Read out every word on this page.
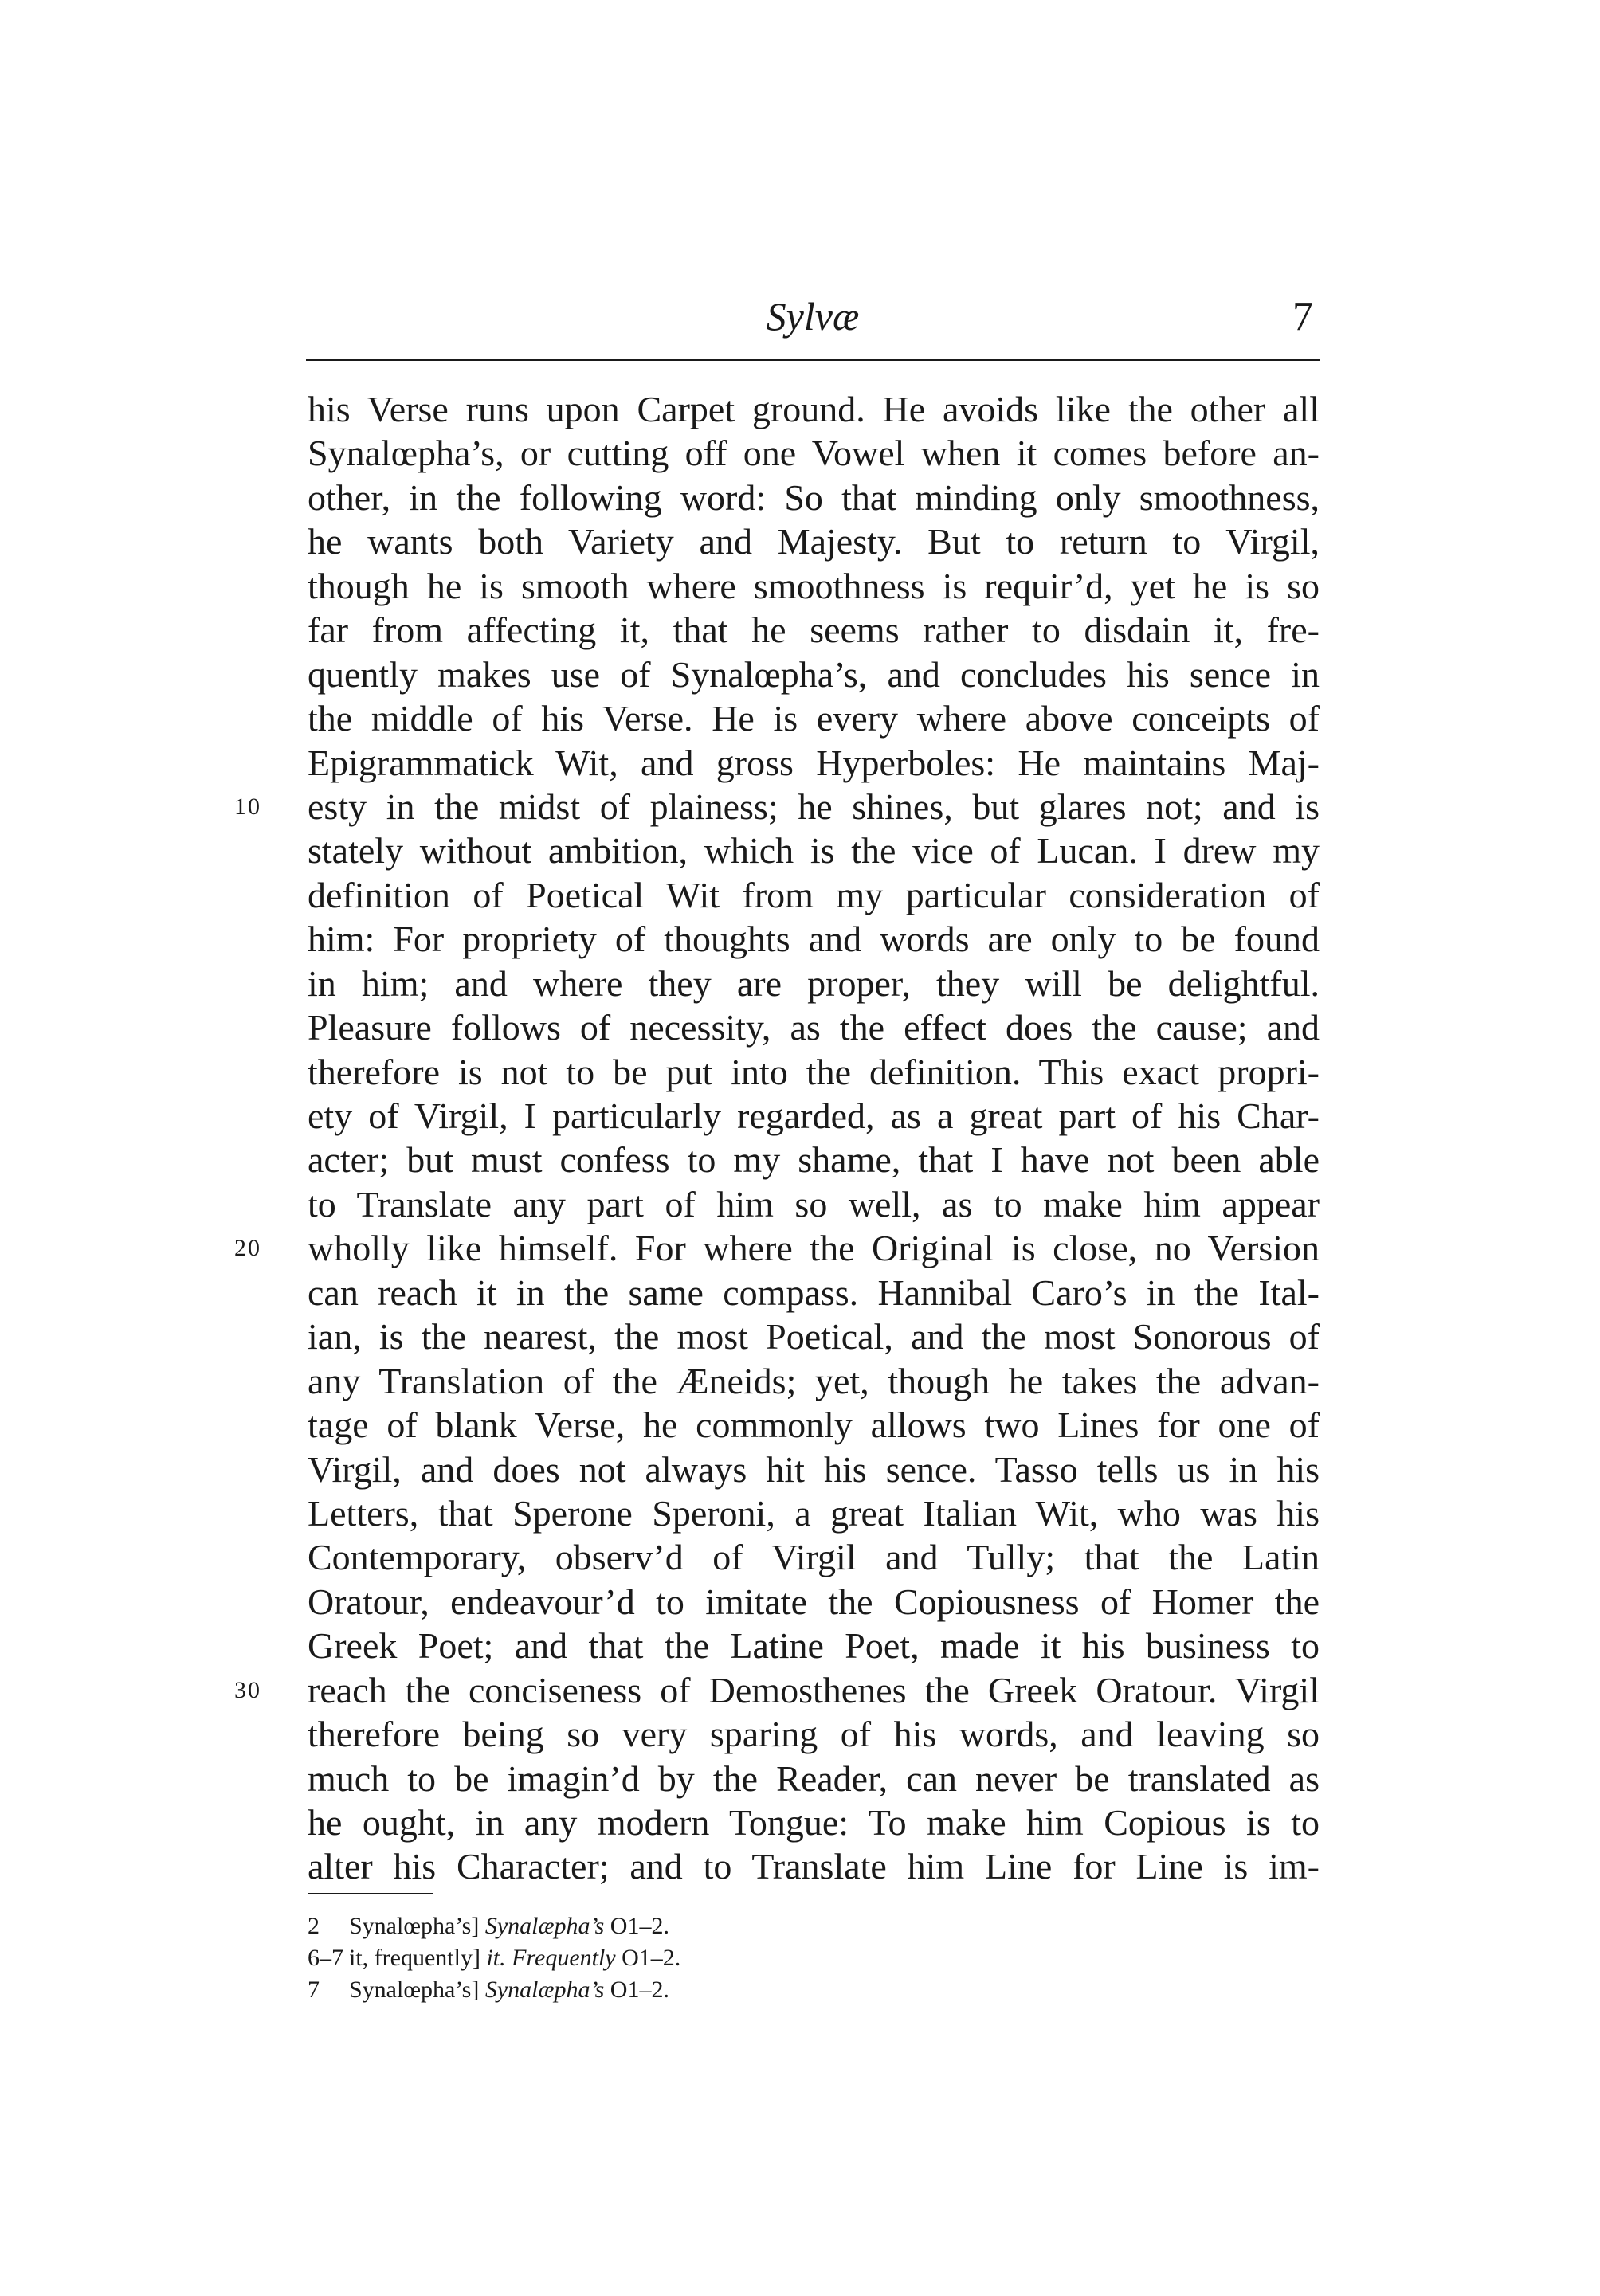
Sylvæ	7
his Verse runs upon Carpet ground. He avoids like the other all
Synalœpha’s, or cutting off one Vowel when it comes before an-
other, in the following word: So that minding only smoothness,
he wants both Variety and Majesty. But to return to Virgil,
though he is smooth where smoothness is requir’d, yet he is so
far from affecting it, that he seems rather to disdain it, fre-
quently makes use of Synalœpha’s, and concludes his sence in
the middle of his Verse. He is every where above conceipts of
Epigrammatick Wit, and gross Hyperboles: He maintains Maj-
10	esty in the midst of plainess; he shines, but glares not; and is
stately without ambition, which is the vice of Lucan. I drew my
definition of Poetical Wit from my particular consideration of
him: For propriety of thoughts and words are only to be found
in him; and where they are proper, they will be delightful.
Pleasure follows of necessity, as the effect does the cause; and
therefore is not to be put into the definition. This exact propri-
ety of Virgil, I particularly regarded, as a great part of his Char-
acter; but must confess to my shame, that I have not been able
to Translate any part of him so well, as to make him appear
20	wholly like himself. For where the Original is close, no Version
can reach it in the same compass. Hannibal Caro’s in the Ital-
ian, is the nearest, the most Poetical, and the most Sonorous of
any Translation of the Æneids; yet, though he takes the advan-
tage of blank Verse, he commonly allows two Lines for one of
Virgil, and does not always hit his sence. Tasso tells us in his
Letters, that Sperone Speroni, a great Italian Wit, who was his
Contemporary, observ’d of Virgil and Tully; that the Latin
Oratour, endeavour’d to imitate the Copiousness of Homer the
Greek Poet; and that the Latine Poet, made it his business to
30	reach the conciseness of Demosthenes the Greek Oratour. Virgil
therefore being so very sparing of his words, and leaving so
much to be imagin’d by the Reader, can never be translated as
he ought, in any modern Tongue: To make him Copious is to
alter his Character; and to Translate him Line for Line is im-
2 Synalœpha’s] Synalæpha’s O1–2.
6–7 it, frequently] it. Frequently O1–2.
7 Synalœpha’s] Synalæpha’s O1–2.
